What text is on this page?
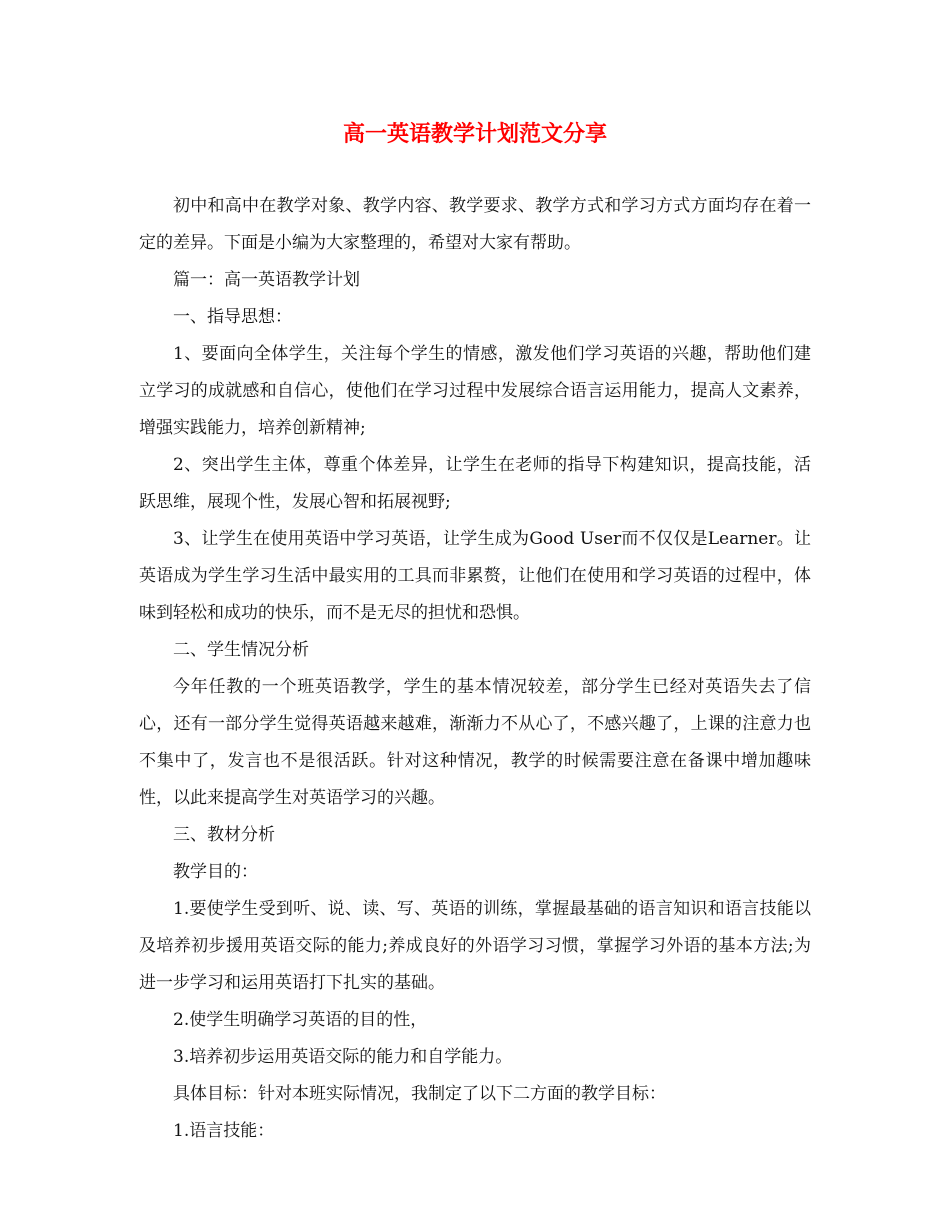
高一英语教学计划范文分享

初中和高中在教学对象、教学内容、教学要求、教学方式和学习方式方面均存在着一定的差异。下面是小编为大家整理的，希望对大家有帮助。

篇一：高一英语教学计划

一、指导思想：

1、要面向全体学生，关注每个学生的情感，激发他们学习英语的兴趣，帮助他们建立学习的成就感和自信心，使他们在学习过程中发展综合语言运用能力，提高人文素养，增强实践能力，培养创新精神;

2、突出学生主体，尊重个体差异，让学生在老师的指导下构建知识，提高技能，活跃思维，展现个性，发展心智和拓展视野;

3、让学生在使用英语中学习英语，让学生成为Good User而不仅仅是Learner。让英语成为学生学习生活中最实用的工具而非累赘，让他们在使用和学习英语的过程中，体味到轻松和成功的快乐，而不是无尽的担忧和恐惧。

二、学生情况分析

今年任教的一个班英语教学，学生的基本情况较差，部分学生已经对英语失去了信心，还有一部分学生觉得英语越来越难，渐渐力不从心了，不感兴趣了，上课的注意力也不集中了，发言也不是很活跃。针对这种情况，教学的时候需要注意在备课中增加趣味性，以此来提高学生对英语学习的兴趣。

三、教材分析

教学目的：

1.要使学生受到听、说、读、写、英语的训练，掌握最基础的语言知识和语言技能以及培养初步援用英语交际的能力;养成良好的外语学习习惯，掌握学习外语的基本方法;为进一步学习和运用英语打下扎实的基础。

2.使学生明确学习英语的目的性，

3.培养初步运用英语交际的能力和自学能力。

具体目标：针对本班实际情况，我制定了以下二方面的教学目标：

1.语言技能：
